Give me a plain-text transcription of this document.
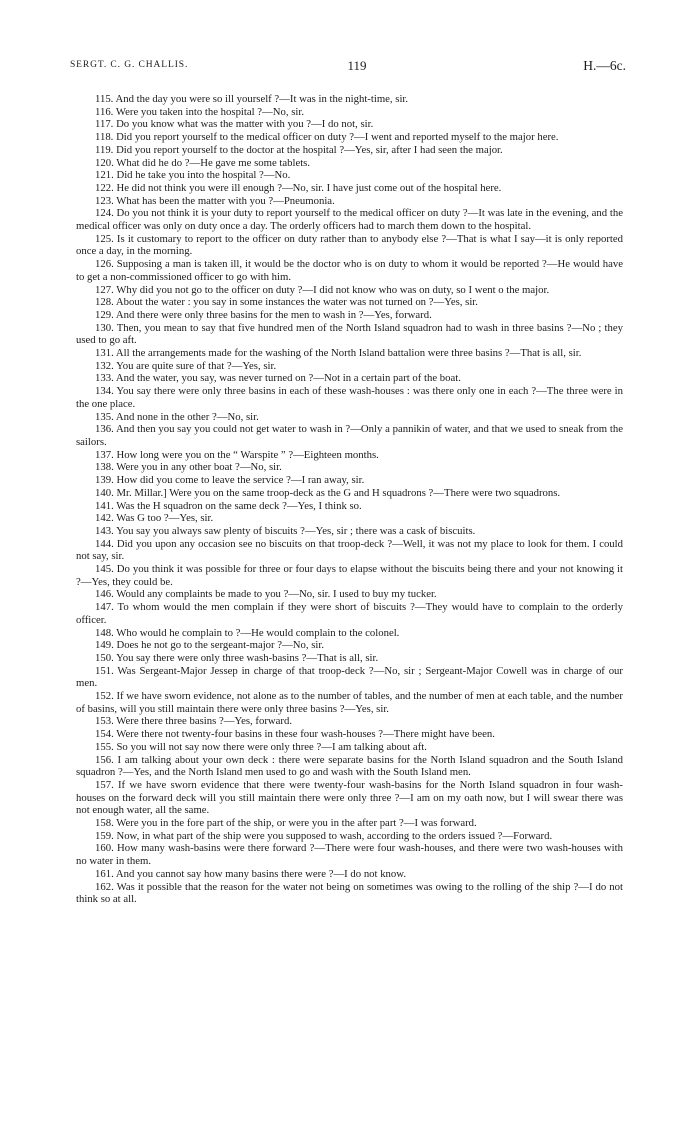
SERGT. C. G. CHALLIS.	119	H.—6c.

115. And the day you were so ill yourself ?—It was in the night-time, sir.

116. Were you taken into the hospital ?—No, sir.

117. Do you know what was the matter with you ?—I do not, sir.

118. Did you report yourself to the medical officer on duty ?—I went and reported myself to the major here.

119. Did you report yourself to the doctor at the hospital ?—Yes, sir, after I had seen the major.

120. What did he do ?—He gave me some tablets.

121. Did he take you into the hospital ?—No.

122. He did not think you were ill enough ?—No, sir. I have just come out of the hospital here.

123. What has been the matter with you ?—Pneumonia.

124. Do you not think it is your duty to report yourself to the medical officer on duty ?—It was late in the evening, and the medical officer was only on duty once a day. The orderly officers had to march them down to the hospital.

125. Is it customary to report to the officer on duty rather than to anybody else ?—That is what I say—it is only reported once a day, in the morning.

126. Supposing a man is taken ill, it would be the doctor who is on duty to whom it would be reported ?—He would have to get a non-commissioned officer to go with him.

127. Why did you not go to the officer on duty ?—I did not know who was on duty, so I went o the major.

128. About the water : you say in some instances the water was not turned on ?—Yes, sir.

129. And there were only three basins for the men to wash in ?—Yes, forward.

130. Then, you mean to say that five hundred men of the North Island squadron had to wash in three basins ?—No ; they used to go aft.

131. All the arrangements made for the washing of the North Island battalion were three basins ?—That is all, sir.

132. You are quite sure of that ?—Yes, sir.

133. And the water, you say, was never turned on ?—Not in a certain part of the boat.

134. You say there were only three basins in each of these wash-houses : was there only one in each ?—The three were in the one place.

135. And none in the other ?—No, sir.

136. And then you say you could not get water to wash in ?—Only a pannikin of water, and that we used to sneak from the sailors.

137. How long were you on the “ Warspite ” ?—Eighteen months.

138. Were you in any other boat ?—No, sir.

139. How did you come to leave the service ?—I ran away, sir.

140. Mr. Millar.] Were you on the same troop-deck as the G and H squadrons ?—There were two squadrons.

141. Was the H squadron on the same deck ?—Yes, I think so.

142. Was G too ?—Yes, sir.

143. You say you always saw plenty of biscuits ?—Yes, sir ; there was a cask of biscuits.

144. Did you upon any occasion see no biscuits on that troop-deck ?—Well, it was not my place to look for them. I could not say, sir.

145. Do you think it was possible for three or four days to elapse without the biscuits being there and your not knowing it ?—Yes, they could be.

146. Would any complaints be made to you ?—No, sir. I used to buy my tucker.

147. To whom would the men complain if they were short of biscuits ?—They would have to complain to the orderly officer.

148. Who would he complain to ?—He would complain to the colonel.

149. Does he not go to the sergeant-major ?—No, sir.

150. You say there were only three wash-basins ?—That is all, sir.

151. Was Sergeant-Major Jessep in charge of that troop-deck ?—No, sir ; Sergeant-Major Cowell was in charge of our men.

152. If we have sworn evidence, not alone as to the number of tables, and the number of men at each table, and the number of basins, will you still maintain there were only three basins ?—Yes, sir.

153. Were there three basins ?—Yes, forward.

154. Were there not twenty-four basins in these four wash-houses ?—There might have been.

155. So you will not say now there were only three ?—I am talking about aft.

156. I am talking about your own deck : there were separate basins for the North Island squadron and the South Island squadron ?—Yes, and the North Island men used to go and wash with the South Island men.

157. If we have sworn evidence that there were twenty-four wash-basins for the North Island squadron in four wash-houses on the forward deck will you still maintain there were only three ?—I am on my oath now, but I will swear there was not enough water, all the same.

158. Were you in the fore part of the ship, or were you in the after part ?—I was forward.

159. Now, in what part of the ship were you supposed to wash, according to the orders issued ?—Forward.

160. How many wash-basins were there forward ?—There were four wash-houses, and there were two wash-houses with no water in them.

161. And you cannot say how many basins there were ?—I do not know.

162. Was it possible that the reason for the water not being on sometimes was owing to the rolling of the ship ?—I do not think so at all.
